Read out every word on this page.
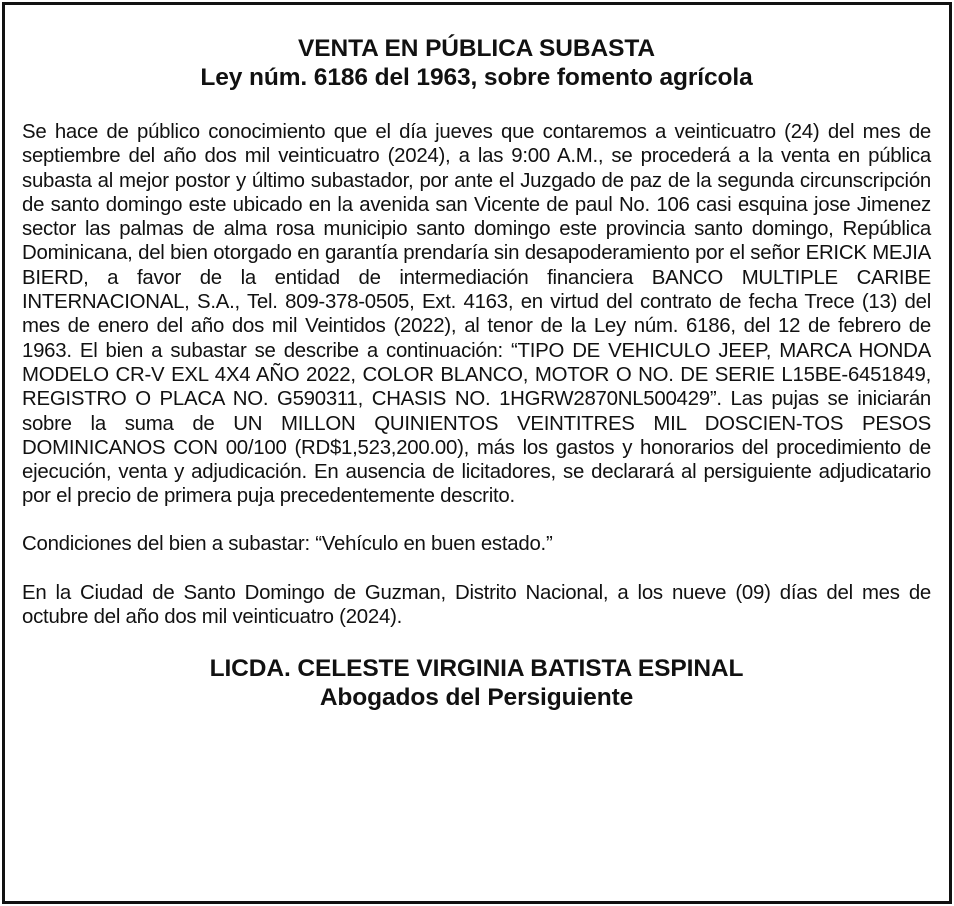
VENTA EN PÚBLICA SUBASTA
Ley núm. 6186 del 1963, sobre fomento agrícola

Se hace de público conocimiento que el día jueves que contaremos a veinticuatro (24) del mes de septiembre del año dos mil veinticuatro (2024), a las 9:00 A.M., se procederá a la venta en pública subasta al mejor postor y último subastador, por ante el Juzgado de paz de la segunda circunscripción de santo domingo este ubicado en la avenida san Vicente de paul No. 106 casi esquina jose Jimenez sector las palmas de alma rosa municipio santo domingo este provincia santo domingo, República Dominicana, del bien otorgado en garantía prendaría sin desapoderamiento por el señor ERICK MEJIA BIERD, a favor de la entidad de intermediación financiera BANCO MULTIPLE CARIBE INTERNACIONAL, S.A., Tel. 809-378-0505, Ext. 4163, en virtud del contrato de fecha Trece (13) del mes de enero del año dos mil Veintidos (2022), al tenor de la Ley núm. 6186, del 12 de febrero de 1963. El bien a subastar se describe a continuación: “TIPO DE VEHICULO JEEP, MARCA HONDA MODELO CR-V EXL 4X4 AÑO 2022, COLOR BLANCO, MOTOR O NO. DE SERIE L15BE-6451849, REGISTRO O PLACA NO. G590311, CHASIS NO. 1HGRW2870NL500429”. Las pujas se iniciarán sobre la suma de UN MILLON QUINIENTOS VEINTITRES MIL DOSCIEN-TOS PESOS DOMINICANOS CON 00/100 (RD$1,523,200.00), más los gastos y honorarios del procedimiento de ejecución, venta y adjudicación. En ausencia de licitadores, se declarará al persiguiente adjudicatario por el precio de primera puja precedentemente descrito.

Condiciones del bien a subastar: “Vehículo en buen estado.”

En la Ciudad de Santo Domingo de Guzman, Distrito Nacional, a los nueve (09) días del mes de octubre del año dos mil veinticuatro (2024).

LICDA. CELESTE VIRGINIA BATISTA ESPINAL
Abogados del Persiguiente
